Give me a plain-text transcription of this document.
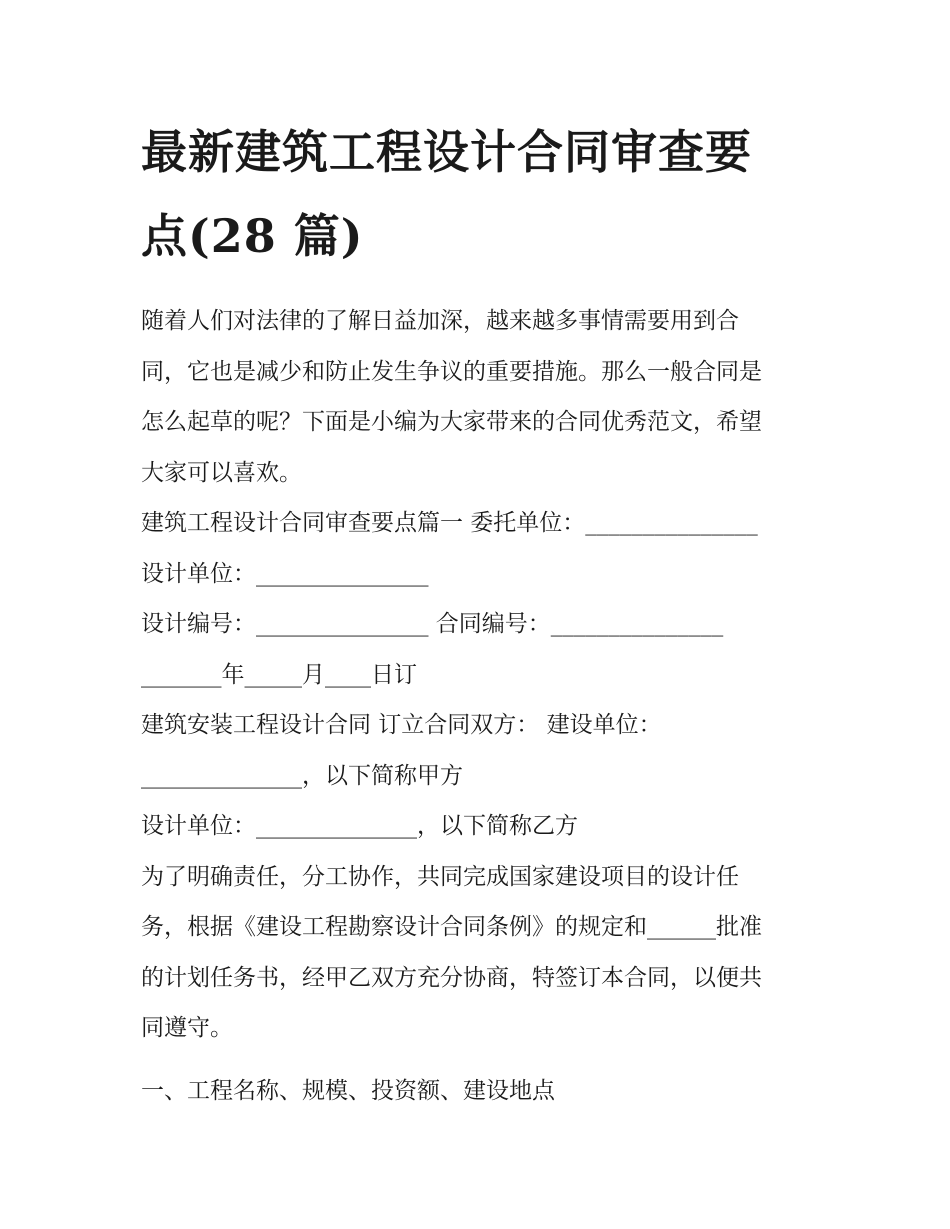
最新建筑工程设计合同审查要
点(28 篇)
随着人们对法律的了解日益加深，越来越多事情需要用到合
同，它也是减少和防止发生争议的重要措施。那么一般合同是
怎么起草的呢？下面是小编为大家带来的合同优秀范文，希望
大家可以喜欢。
建筑工程设计合同审查要点篇一 委托单位：_______________
设计单位：_______________
设计编号：_______________ 合同编号：_______________
_______年_____月____日订
建筑安装工程设计合同 订立合同双方： 建设单位：
______________，以下简称甲方
设计单位：______________，以下简称乙方
为了明确责任，分工协作，共同完成国家建设项目的设计任
务，根据《建设工程勘察设计合同条例》的规定和______批准
的计划任务书，经甲乙双方充分协商，特签订本合同，以便共
同遵守。
一、工程名称、规模、投资额、建设地点
